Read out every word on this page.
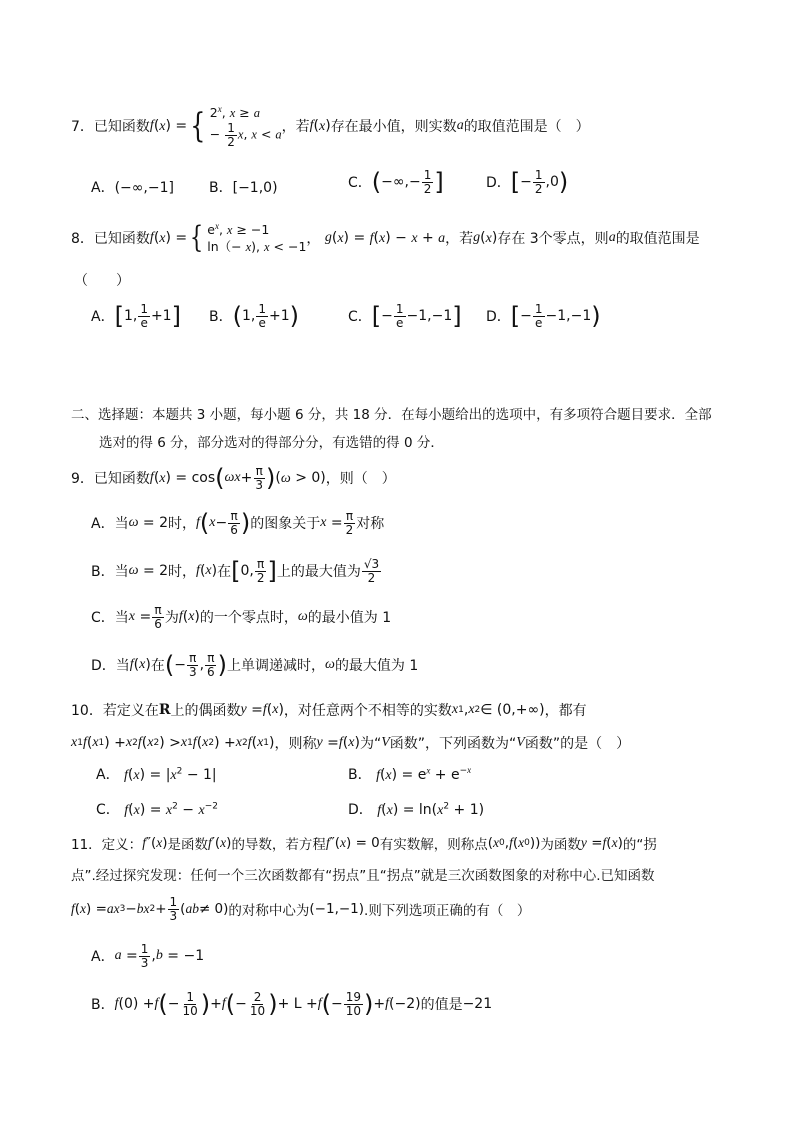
7．已知函数 f (x) = { 2$^x$, x ≥ a
− $\frac{1}{2} x$, x < a
，若 f (x) 存在最小值，则实数 a 的取值范围是（　）
A．(−∞,−1]	B．[−1,0)	C． ( −∞,− $\frac{1}{2}$ ]	D． [ − $\frac{1}{2} ,0$ )
8．已知函数 f (x) = { $e^x$, x ≥ −1
ln（− x), x < −1 ， g (x) = f(x) − x + a ，若 g (x) 存在 3个零点，则 a 的取值范围是
（　　）
A． [ 1, $\frac{1}{e} +1$ ] B． ( 1, $\frac{1}{e} +1$ )	C． [ − $\frac{1}{e} -1,-1$ ] D． [ − $\frac{1}{e} -1,-1$ )
二、选择题：本题共 3 小题，每小题 6 分，共 18 分．在每小题给出的选项中，有多项符合题目要求．全部
选对的得 6 分，部分选对的得部分分，有选错的得 0 分．
9．已知函数 f (x) = cos ( ω $x + \frac{\pi}{3}$ ) (ω > 0) ，则（　）
A．当 ω = 2 时， f ( $x - \frac{\pi}{6}$ ) 的图象关于 $x = \frac{\pi}{2}$ 对称
B．当 ω = 2 时， f ( x ) 在 [ 0, $\frac{\pi}{2}$ ] 上的最大值为 $\frac{√3}{2}$
C．当 $x = \frac{\pi}{6}$ 为 f ( x ) 的一个零点时， ω 的最小值为 1
D．当 f ( x ) 在 ( − $\frac{\pi}{3}$ , $\frac{\pi}{6}$ ) 上单调递减时， ω 的最大值为 1
10．若定义在 R 上的偶函数 y = f ( x ) ，对任意两个不相等的实数 x 1 , x 2 ∈ (0,+∞) ，都有
x 1 f ( x 1 ) + x 2 f ( x 2 ) > x 1 f ( x 2 ) + x 2 f ( x 1 ) ，则称 y = f ( x ) 为“ V 函数”，下列函数为“ V 函数”的是（　）
A． $f(x) = |x^2 - 1|$	B． $f(x) = e^x + e^{-x}$
C． $f(x) = x^2 - x^{-2}$	D． $f(x) = \ln(x^2 + 1)$
11．定义： f ″( x ) 是函数 f ′( x ) 的导数，若方程 f ″( x ) = 0 有实数解，则称点 ( x 0 , f ( x 0 )) 为函数 y = f ( x ) 的“拐
点”.经过探究发现：任何一个三次函数都有“拐点”且“拐点”就是三次函数图象的对称中心.已知函数
f ( x ) = ax 3 − bx $2 + \frac{1}{3}$ ( ab ≠ 0) 的对称中心为 (−1,−1) .则下列选项正确的有（　）
A． $a = \frac{1}{3}$ , b = −1
B． f (0) + f ( − $\frac{1}{10}$ ) + f ( − $\frac{2}{10}$ ) + L + f ( − $\frac{19}{10}$ ) + f (−2) 的值是 −21
